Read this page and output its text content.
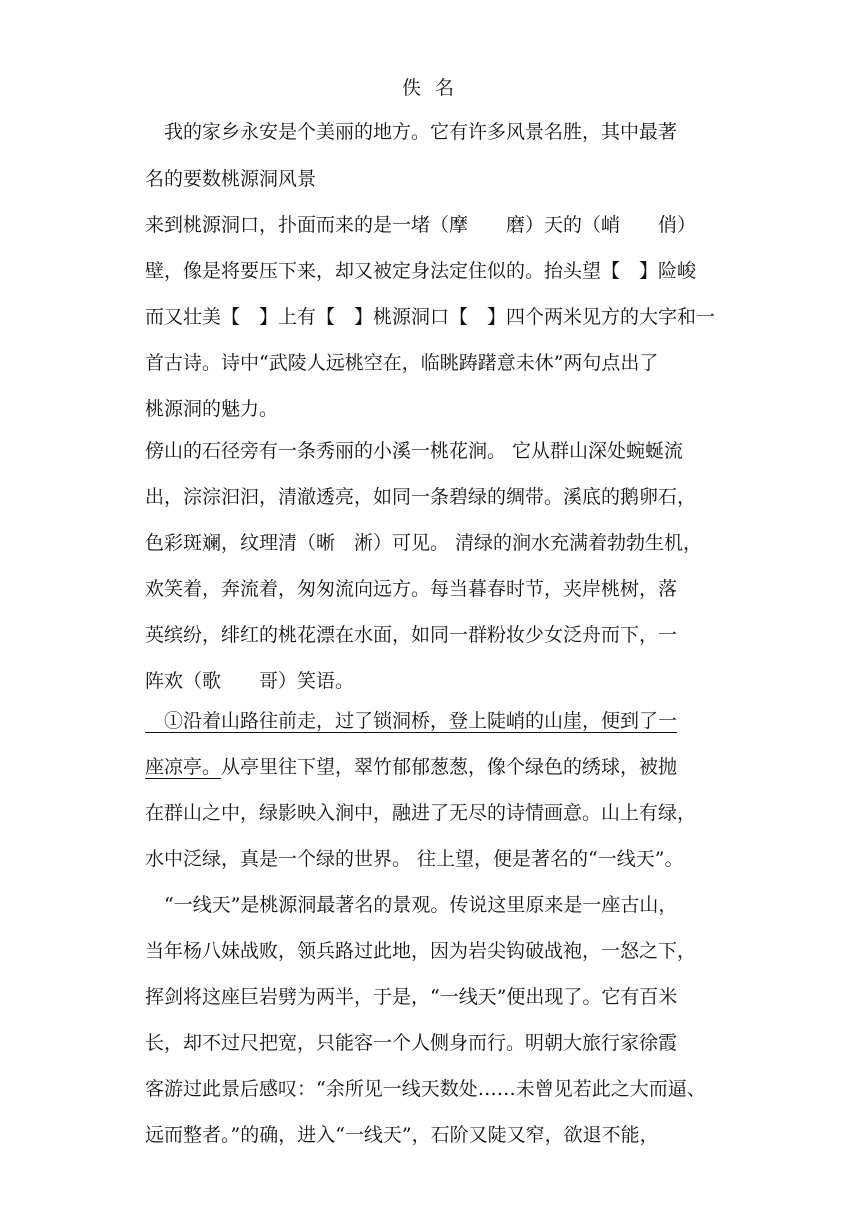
佚 名
　我的家乡永安是个美丽的地方。它有许多风景名胜，其中最著
名的要数桃源洞风景
来到桃源洞口，扑面而来的是一堵（摩　　磨）天的（峭　　俏）
壁，像是将要压下来，却又被定身法定住似的。抬头望【　】险峻
而又壮美【　】上有【　】桃源洞口【　】四个两米见方的大字和一
首古诗。诗中“武陵人远桃空在，临眺踌躇意未休”两句点出了
桃源洞的魅力。
傍山的石径旁有一条秀丽的小溪一桃花涧。 它从群山深处蜿蜒流
出，淙淙汩汩，清澈透亮，如同一条碧绿的绸带。溪底的鹅卵石，
色彩斑斓，纹理清（晰　淅）可见。 清绿的涧水充满着勃勃生机，
欢笑着，奔流着，匆匆流向远方。每当暮春时节，夹岸桃树，落
英缤纷，绯红的桃花漂在水面，如同一群粉妆少女泛舟而下，一
阵欢（歌　　哥）笑语。
　①沿着山路往前走，过了锁洞桥，登上陡峭的山崖，便到了一
座凉亭。从亭里往下望，翠竹郁郁葱葱，像个绿色的绣球，被抛
在群山之中，绿影映入涧中，融进了无尽的诗情画意。山上有绿，
水中泛绿，真是一个绿的世界。 往上望，便是著名的“一线天”。
　“一线天”是桃源洞最著名的景观。传说这里原来是一座古山，
当年杨八妹战败，领兵路过此地，因为岩尖钩破战袍，一怒之下，
挥剑将这座巨岩劈为两半，于是，“一线天”便出现了。它有百米
长，却不过尺把宽，只能容一个人侧身而行。明朝大旅行家徐霞
客游过此景后感叹：“余所见一线天数处……未曾见若此之大而逼、
远而整者。”的确，进入“一线天”，石阶又陡又窄，欲退不能，
